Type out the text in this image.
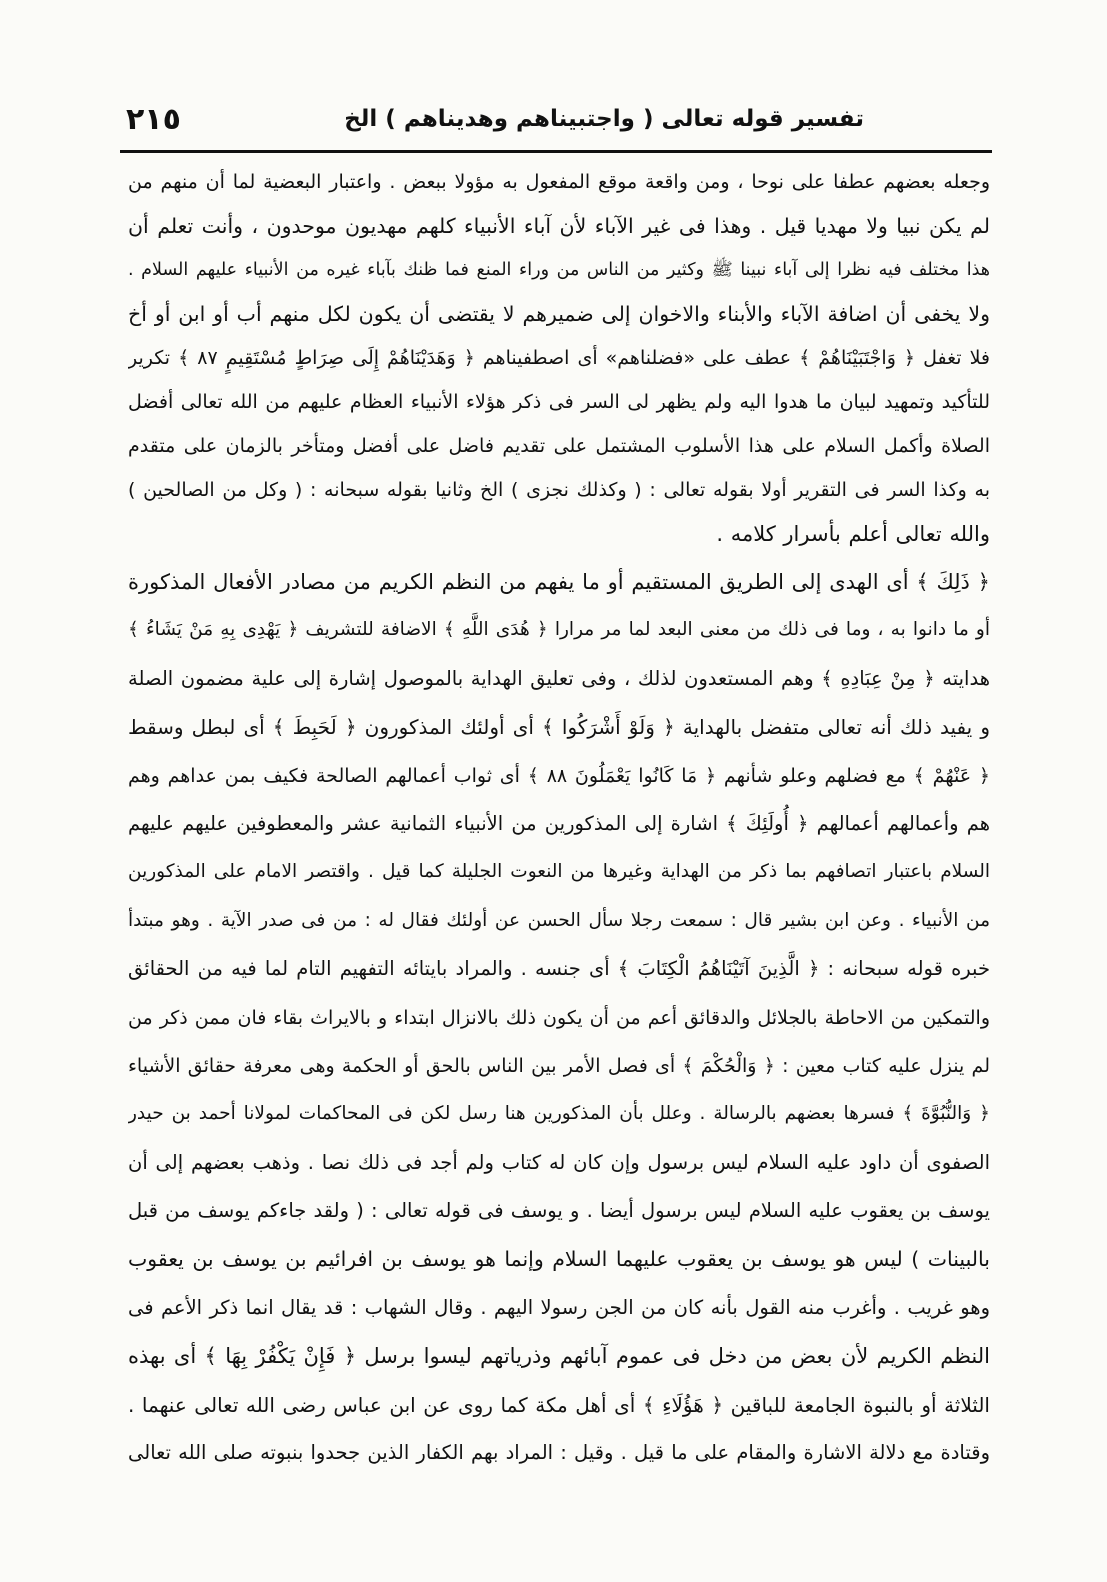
٢١٥	تفسير قوله تعالى ( واجتبيناهم وهديناهم ) الخ
وجعله بعضهم عطفا على نوحا ، ومن واقعة موقع المفعول به مؤولا ببعض . واعتبار البعضية لما أن منهم من
لم يكن نبيا ولا مهديا قيل . وهذا فى غير الآباء لأن آباء الأنبياء كلهم مهديون موحدون ، وأنت تعلم أن
هذا مختلف فيه نظرا إلى آباء نبينا ﷺ وكثير من الناس من وراء المنع فما ظنك بآباء غيره من الأنبياء عليهم السلام .
ولا يخفى أن اضافة الآباء والأبناء والاخوان إلى ضميرهم لا يقتضى أن يكون لكل منهم أب أو ابن أو أخ
فلا تغفل ﴿ وَاجْتَبَيْنَاهُمْ ﴾ عطف على «فضلناهم» أى اصطفيناهم ﴿ وَهَدَيْنَاهُمْ إِلَى صِرَاطٍ مُسْتَقِيمٍ ٨٧ ﴾ تكرير
للتأكيد وتمهيد لبيان ما هدوا اليه ولم يظهر لى السر فى ذكر هؤلاء الأنبياء العظام عليهم من الله تعالى أفضل
الصلاة وأكمل السلام على هذا الأسلوب المشتمل على تقديم فاضل على أفضل ومتأخر بالزمان على متقدم
به وكذا السر فى التقرير أولا بقوله تعالى : ( وكذلك نجزى ) الخ وثانيا بقوله سبحانه : ( وكل من الصالحين )
والله تعالى أعلم بأسرار كلامه .
﴿ ذَلِكَ ﴾ أى الهدى إلى الطريق المستقيم أو ما يفهم من النظم الكريم من مصادر الأفعال المذكورة
أو ما دانوا به ، وما فى ذلك من معنى البعد لما مر مرارا ﴿ هُدَى اللَّهِ ﴾ الاضافة للتشريف ﴿ يَهْدِى بِهِ مَنْ يَشَاءُ ﴾
هدايته ﴿ مِنْ عِبَادِهِ ﴾ وهم المستعدون لذلك ، وفى تعليق الهداية بالموصول إشارة إلى علية مضمون الصلة
و يفيد ذلك أنه تعالى متفضل بالهداية ﴿ وَلَوْ أَشْرَكُوا ﴾ أى أولئك المذكورون ﴿ لَحَبِطَ ﴾ أى لبطل وسقط
﴿ عَنْهُمْ ﴾ مع فضلهم وعلو شأنهم ﴿ مَا كَانُوا يَعْمَلُونَ ٨٨ ﴾ أى ثواب أعمالهم الصالحة فكيف بمن عداهم وهم
هم وأعمالهم أعمالهم ﴿ أُولَئِكَ ﴾ اشارة إلى المذكورين من الأنبياء الثمانية عشر والمعطوفين عليهم عليهم
السلام باعتبار اتصافهم بما ذكر من الهداية وغيرها من النعوت الجليلة كما قيل . واقتصر الامام على المذكورين
من الأنبياء . وعن ابن بشير قال : سمعت رجلا سأل الحسن عن أولئك فقال له : من فى صدر الآية . وهو مبتدأ
خبره قوله سبحانه : ﴿ الَّذِينَ آتَيْنَاهُمُ الْكِتَابَ ﴾ أى جنسه . والمراد بايتائه التفهيم التام لما فيه من الحقائق
والتمكين من الاحاطة بالجلائل والدقائق أعم من أن يكون ذلك بالانزال ابتداء و بالايراث بقاء فان ممن ذكر من
لم ينزل عليه كتاب معين : ﴿ وَالْحُكْمَ ﴾ أى فصل الأمر بين الناس بالحق أو الحكمة وهى معرفة حقائق الأشياء
﴿ وَالنُّبُوَّةَ ﴾ فسرها بعضهم بالرسالة . وعلل بأن المذكورين هنا رسل لكن فى المحاكمات لمولانا أحمد بن حيدر
الصفوى أن داود عليه السلام ليس برسول وإن كان له كتاب ولم أجد فى ذلك نصا . وذهب بعضهم إلى أن
يوسف بن يعقوب عليه السلام ليس برسول أيضا . و يوسف فى قوله تعالى : ( ولقد جاءكم يوسف من قبل
بالبينات ) ليس هو يوسف بن يعقوب عليهما السلام وإنما هو يوسف بن افرائيم بن يوسف بن يعقوب
وهو غريب . وأغرب منه القول بأنه كان من الجن رسولا اليهم . وقال الشهاب : قد يقال انما ذكر الأعم فى
النظم الكريم لأن بعض من دخل فى عموم آبائهم وذرياتهم ليسوا برسل ﴿ فَإِنْ يَكْفُرْ بِهَا ﴾ أى بهذه
الثلاثة أو بالنبوة الجامعة للباقين ﴿ هَؤُلَاءِ ﴾ أى أهل مكة كما روى عن ابن عباس رضى الله تعالى عنهما .
وقتادة مع دلالة الاشارة والمقام على ما قيل . وقيل : المراد بهم الكفار الذين جحدوا بنبوته صلى الله تعالى
